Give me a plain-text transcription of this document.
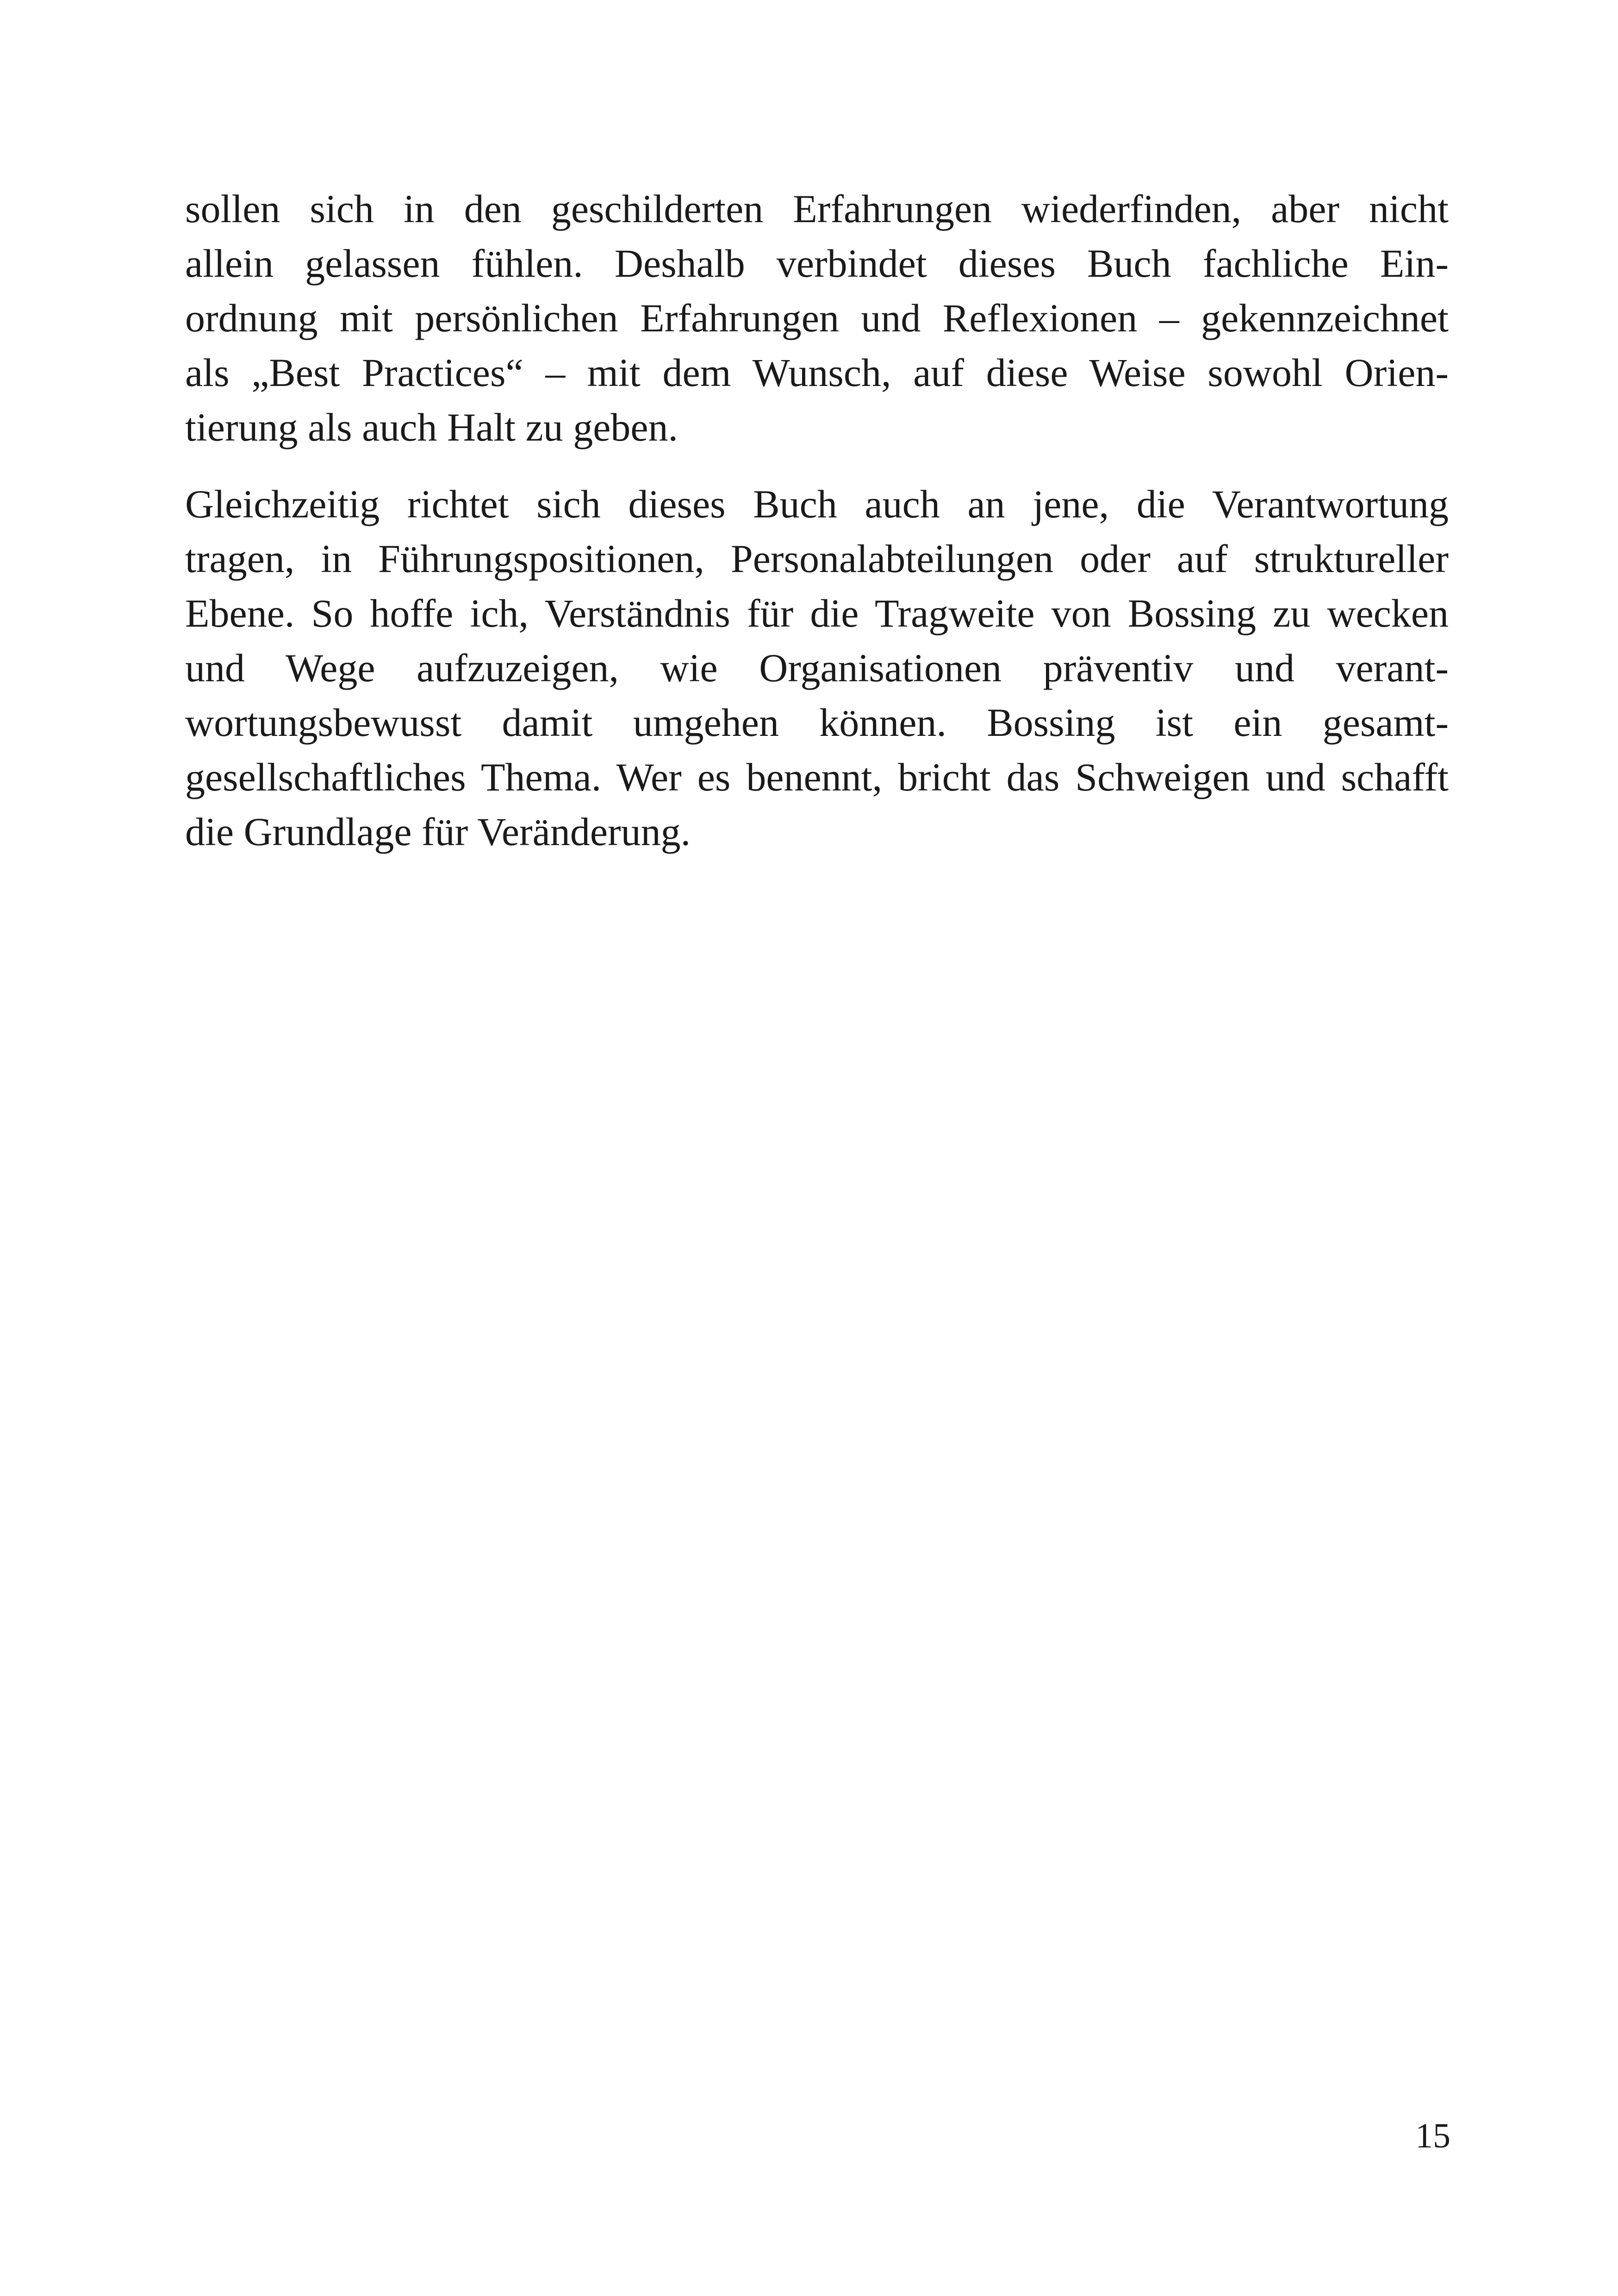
sollen sich in den geschilderten Erfahrungen wiederfinden, aber nicht
allein gelassen fühlen. Deshalb verbindet dieses Buch fachliche Ein-
ordnung mit persönlichen Erfahrungen und Reflexionen – gekennzeichnet
als „Best Practices“ – mit dem Wunsch, auf diese Weise sowohl Orien-
tierung als auch Halt zu geben.

Gleichzeitig richtet sich dieses Buch auch an jene, die Verantwortung
tragen, in Führungspositionen, Personalabteilungen oder auf struktureller
Ebene. So hoffe ich, Verständnis für die Tragweite von Bossing zu wecken
und Wege aufzuzeigen, wie Organisationen präventiv und verant-
wortungsbewusst damit umgehen können. Bossing ist ein gesamt-
gesellschaftliches Thema. Wer es benennt, bricht das Schweigen und schafft
die Grundlage für Veränderung.

15
